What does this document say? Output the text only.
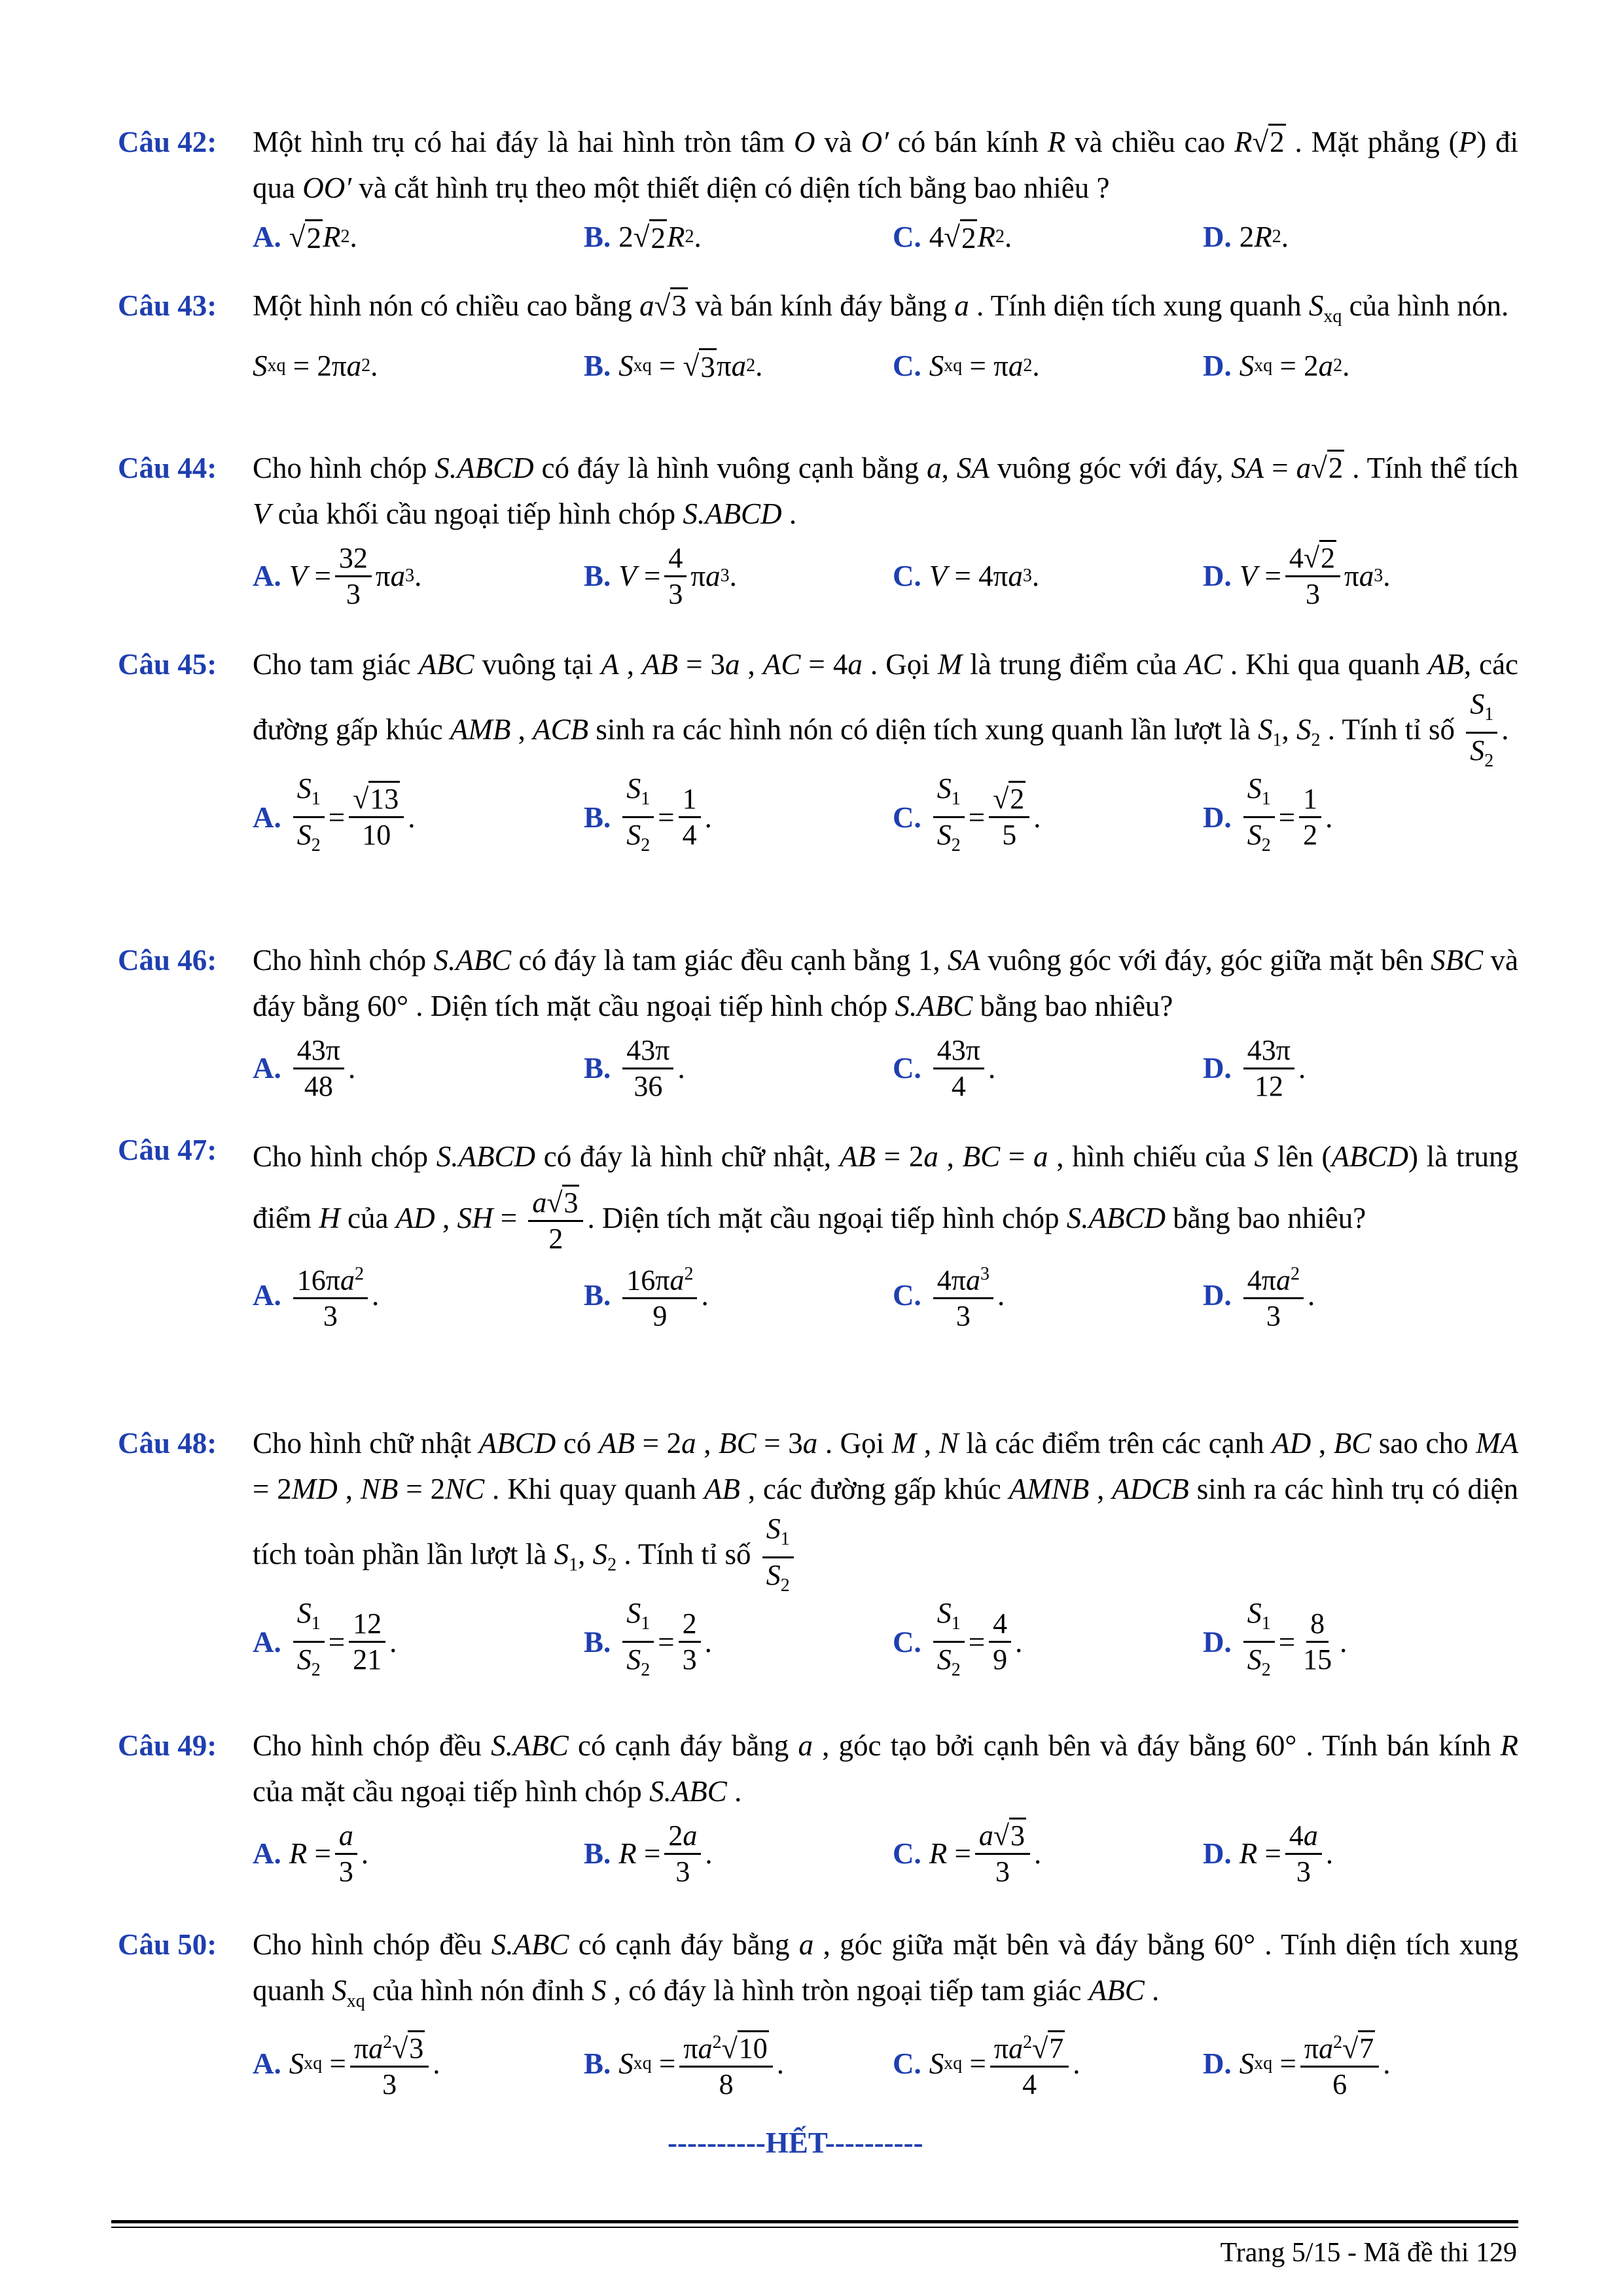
Câu 42: Một hình trụ có hai đáy là hai hình tròn tâm O và O′ có bán kính R và chiều cao R√2 . Mặt phẳng (P) đi qua OO′ và cắt hình trụ theo một thiết diện có diện tích bằng bao nhiêu ?
A. √ 2 R 2 .	B. 2√ 2 R 2 .	C. 4√ 2 R 2 .	D. 2 R 2 .
Câu 43: Một hình nón có chiều cao bằng a√3 và bán kính đáy bằng a . Tính diện tích xung quanh $S_{xq}$ của hình nón.
S xq = 2π a 2 .	B. S xq = √ 3 π a 2 .	C. S xq = π a 2 .	D. S xq = 2 a 2 .
Câu 44: Cho hình chóp S.ABCD có đáy là hình vuông cạnh bằng a, SA vuông góc với đáy, SA = a√2 . Tính thể tích V của khối cầu ngoại tiếp hình chóp S.ABCD .
A. $V = \frac{32}{3}$ π a 3 .	B. $V = \frac{4}{3}$ π a 3 .	C. V = 4π a 3 .	D. $V = \frac{4√2}{3}$ π a 3 .
Câu 45: Cho tam giác ABC vuông tại A , AB = 3a , AC = 4a . Gọi M là trung điểm của AC . Khi qua quanh AB, các đường gấp khúc AMB , ACB sinh ra các hình nón có diện tích xung quanh lần lượt là $S_1$, $S_2$ . Tính tỉ số $\frac{S_1}{S_2}$ .
A. $\frac{S_1}{S_2} = \frac{√13}{10}$ .	B. $\frac{S_1}{S_2} = \frac{1}{4}$ .	C. $\frac{S_1}{S_2} = \frac{√2}{5}$ .	D. $\frac{S_1}{S_2} = \frac{1}{2}$ .
Câu 46: Cho hình chóp S.ABC có đáy là tam giác đều cạnh bằng 1, SA vuông góc với đáy, góc giữa mặt bên SBC và đáy bằng 60° . Diện tích mặt cầu ngoại tiếp hình chóp S.ABC bằng bao nhiêu?
A. $\frac{43\pi}{48}$ .	B. $\frac{43\pi}{36}$ .	C. $\frac{43\pi}{4}$ .	D. $\frac{43\pi}{12}$ .
Câu 47: Cho hình chóp S.ABCD có đáy là hình chữ nhật, AB = 2a , BC = a , hình chiếu của S lên (ABCD) là trung điểm H của AD , SH = $\frac{a√3}{2}$ . Diện tích mặt cầu ngoại tiếp hình chóp S.ABCD bằng bao nhiêu?
A. $\frac{16\pi a^2}{3}$ .	B. $\frac{16\pi a^2}{9}$ .	C. $\frac{4\pi a^3}{3}$ .	D. $\frac{4\pi a^2}{3}$ .
Câu 48: Cho hình chữ nhật ABCD có AB = 2a , BC = 3a . Gọi M , N là các điểm trên các cạnh AD , BC sao cho MA = 2MD , NB = 2NC . Khi quay quanh AB , các đường gấp khúc AMNB , ADCB sinh ra các hình trụ có diện tích toàn phần lần lượt là $S_1$, $S_2$ . Tính tỉ số $\frac{S_1}{S_2}$
A. $\frac{S_1}{S_2} = \frac{12}{21}$ .	B. $\frac{S_1}{S_2} = \frac{2}{3}$ .	C. $\frac{S_1}{S_2} = \frac{4}{9}$ .	D. $\frac{S_1}{S_2} = \frac{8}{15}$ .
Câu 49: Cho hình chóp đều S.ABC có cạnh đáy bằng a , góc tạo bởi cạnh bên và đáy bằng 60° . Tính bán kính R của mặt cầu ngoại tiếp hình chóp S.ABC .
A. $R = \frac{a}{3}$ .	B. $R = \frac{2a}{3}$ .	C. $R = \frac{a√3}{3}$ .	D. $R = \frac{4a}{3}$ .
Câu 50: Cho hình chóp đều S.ABC có cạnh đáy bằng a , góc giữa mặt bên và đáy bằng 60° . Tính diện tích xung quanh $S_{xq}$ của hình nón đỉnh S , có đáy là hình tròn ngoại tiếp tam giác ABC .
A. S xq = $\frac{\pi a^2√3}{3}$ .	B. S xq = $\frac{\pi a^2√10}{8}$ .	C. S xq = $\frac{\pi a^2√7}{4}$ .	D. S xq = $\frac{\pi a^2√7}{6}$ .
----------HẾT----------
Trang 5/15 - Mã đề thi 129
